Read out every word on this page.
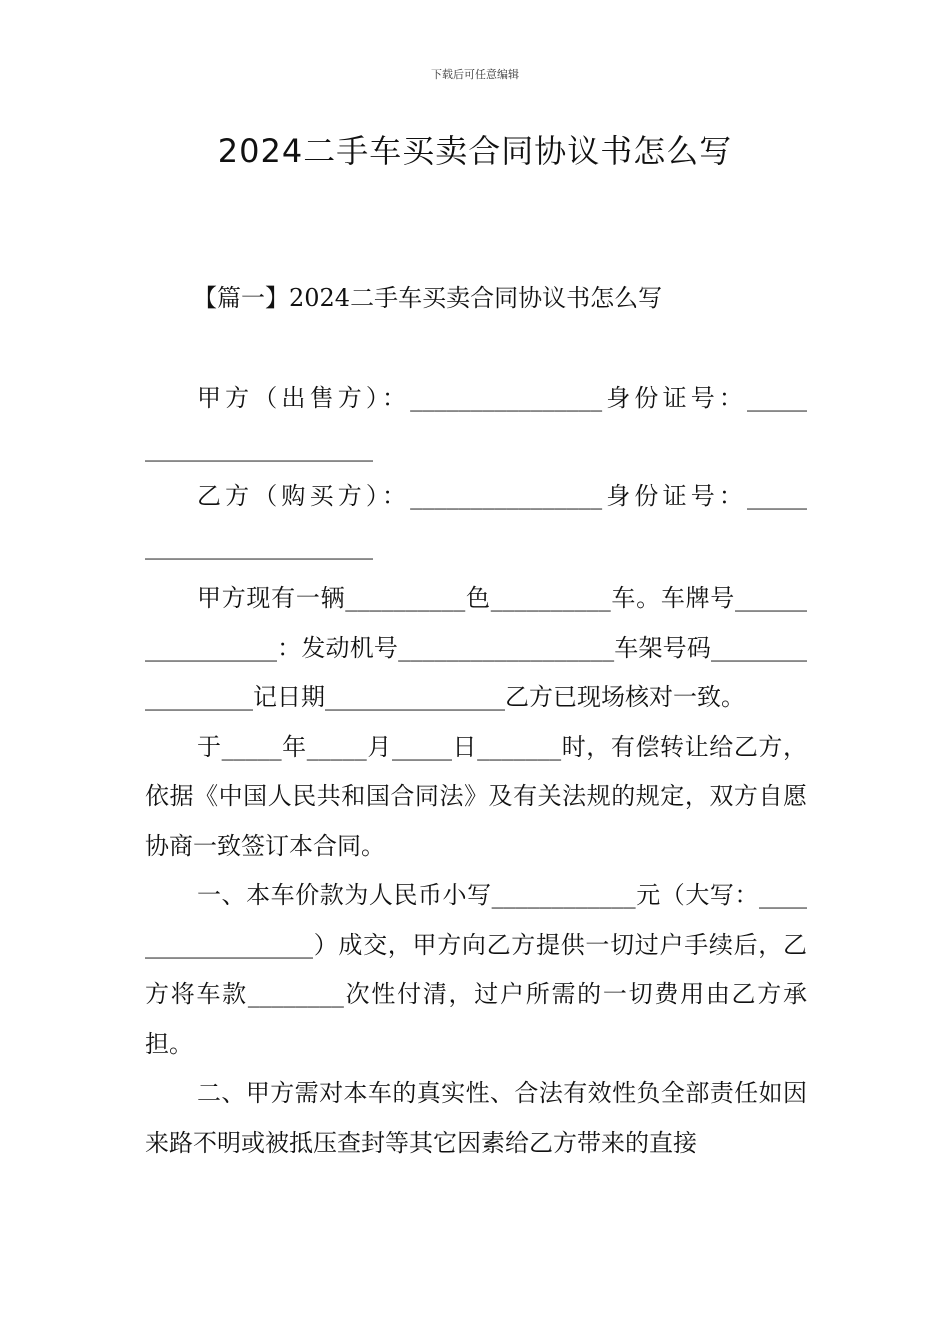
下载后可任意编辑
2024二手车买卖合同协议书怎么写
【篇一】2024二手车买卖合同协议书怎么写

甲方（出售方）：________________身份证号：_____

___________________

乙方（购买方）：________________身份证号：_____

___________________

甲方现有一辆__________色__________车。车牌号_________________：发动机号__________________车架号码_________________记日期_______________乙方已现场核对一致。

于_____年_____月_____日_______时，有偿转让给乙方，依据《中国人民共和国合同法》及有关法规的规定，双方自愿协商一致签订本合同。

一、本车价款为人民币小写____________元（大写：__________________）成交，甲方向乙方提供一切过户手续后，乙方将车款________次性付清，过户所需的一切费用由乙方承担。

二、甲方需对本车的真实性、合法有效性负全部责任如因来路不明或被抵压查封等其它因素给乙方带来的直接
